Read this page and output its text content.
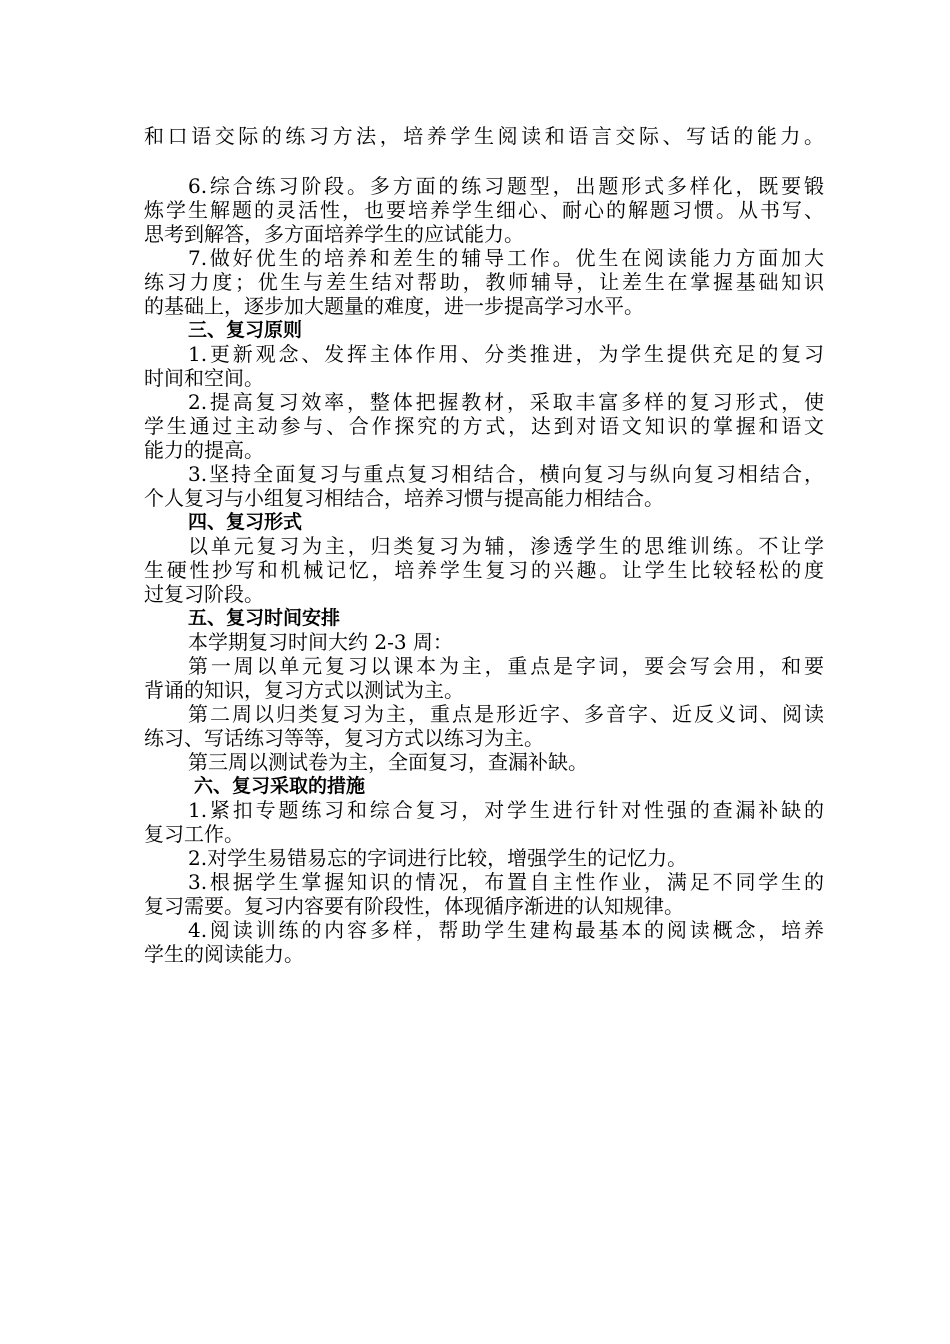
和口语交际的练习方法，培养学生阅读和语言交际、写话的能力。
6.综合练习阶段。多方面的练习题型，出题形式多样化，既要锻
炼学生解题的灵活性，也要培养学生细心、耐心的解题习惯。从书写、
思考到解答，多方面培养学生的应试能力。
7.做好优生的培养和差生的辅导工作。优生在阅读能力方面加大
练习力度；优生与差生结对帮助，教师辅导，让差生在掌握基础知识
的基础上，逐步加大题量的难度，进一步提高学习水平。
三、复习原则
1.更新观念、发挥主体作用、分类推进，为学生提供充足的复习
时间和空间。
2.提高复习效率，整体把握教材，采取丰富多样的复习形式，使
学生通过主动参与、合作探究的方式，达到对语文知识的掌握和语文
能力的提高。
3.坚持全面复习与重点复习相结合，横向复习与纵向复习相结合，
个人复习与小组复习相结合，培养习惯与提高能力相结合。
四、复习形式
以单元复习为主，归类复习为辅，渗透学生的思维训练。不让学
生硬性抄写和机械记忆，培养学生复习的兴趣。让学生比较轻松的度
过复习阶段。
五、复习时间安排
本学期复习时间大约 2-3 周：
第一周以单元复习以课本为主，重点是字词，要会写会用，和要
背诵的知识，复习方式以测试为主。
第二周以归类复习为主，重点是形近字、多音字、近反义词、阅读
练习、写话练习等等，复习方式以练习为主。
第三周以测试卷为主，全面复习，查漏补缺。
六、复习采取的措施
1.紧扣专题练习和综合复习，对学生进行针对性强的查漏补缺的
复习工作。
2.对学生易错易忘的字词进行比较，增强学生的记忆力。
3.根据学生掌握知识的情况，布置自主性作业，满足不同学生的
复习需要。复习内容要有阶段性，体现循序渐进的认知规律。
4.阅读训练的内容多样，帮助学生建构最基本的阅读概念，培养
学生的阅读能力。
